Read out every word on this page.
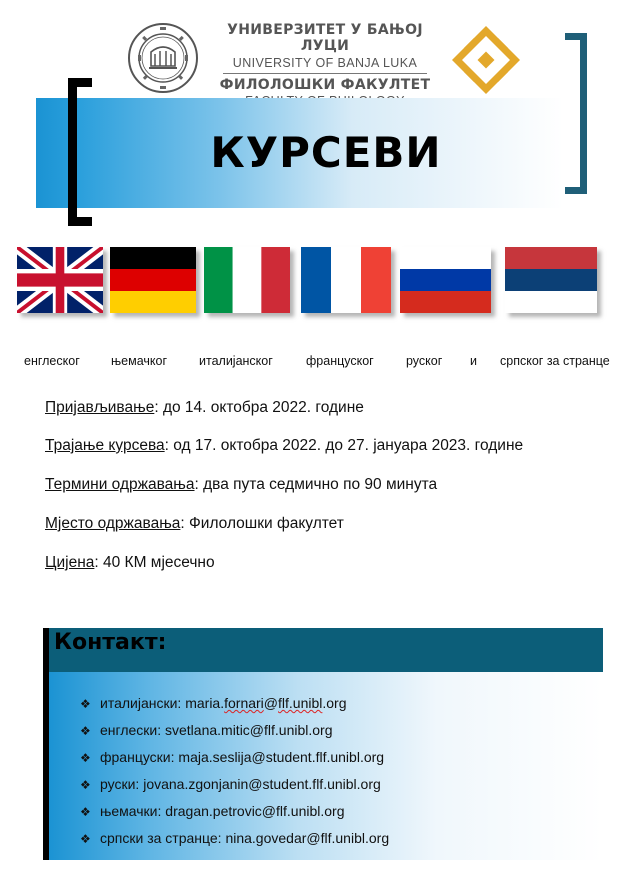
УНИВЕРЗИТЕТ У БАЊОЈ ЛУЦИ
UNIVERSITY OF BANJA LUKA
ФИЛОЛОШКИ ФАКУЛТЕТ
КУРСЕВИ
енглеског њемачког	италијанског	француског	руског и српског за странце
Пријављивање: до 14. октобра 2022. године
Трајање курсева: од 17. октобра 2022. до 27. јануара 2023. године
Термини одржавања: два пута седмично по 90 минута
Мјесто одржавања: Филолошки факултет
Цијена: 40 КМ мјесечно
Контакт:
❖ италијански: maria.fornari@flf.unibl.org
❖ енглески: svetlana.mitic@flf.unibl.org
❖ француски: maja.seslija@student.flf.unibl.org
❖ руски: jovana.zgonjanin@student.flf.unibl.org
❖ њемачки: dragan.petrovic@flf.unibl.org
❖ српски за странце: nina.govedar@flf.unibl.org
